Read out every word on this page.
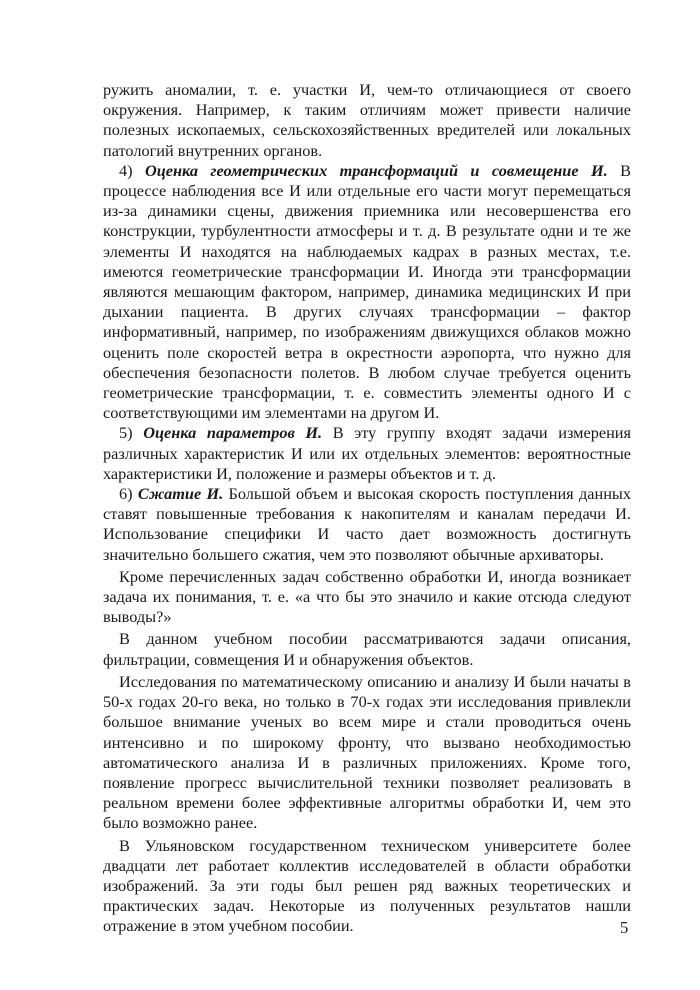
ружить аномалии, т. е. участки И, чем-то отличающиеся от своего окружения. Например, к таким отличиям может привести наличие полезных ископаемых, сельскохозяйственных вредителей или локальных патологий внутренних органов.

4) Оценка геометрических трансформаций и совмещение И. В процессе наблюдения все И или отдельные его части могут перемещаться из-за динамики сцены, движения приемника или несовершенства его конструкции, турбулентности атмосферы и т. д. В результате одни и те же элементы И находятся на наблюдаемых кадрах в разных местах, т.е. имеются геометрические трансформации И. Иногда эти трансформации являются мешающим фактором, например, динамика медицинских И при дыхании пациента. В других случаях трансформации – фактор информативный, например, по изображениям движущихся облаков можно оценить поле скоростей ветра в окрестности аэропорта, что нужно для обеспечения безопасности полетов. В любом случае требуется оценить геометрические трансформации, т. е. совместить элементы одного И с соответствующими им элементами на другом И.

5) Оценка параметров И. В эту группу входят задачи измерения различных характеристик И или их отдельных элементов: вероятностные характеристики И, положение и размеры объектов и т. д.

6) Сжатие И. Большой объем и высокая скорость поступления данных ставят повышенные требования к накопителям и каналам передачи И. Использование специфики И часто дает возможность достигнуть значительно большего сжатия, чем это позволяют обычные архиваторы.

Кроме перечисленных задач собственно обработки И, иногда возникает задача их понимания, т. е. «а что бы это значило и какие отсюда следуют выводы?»

В данном учебном пособии рассматриваются задачи описания, фильтрации, совмещения И и обнаружения объектов.

Исследования по математическому описанию и анализу И были начаты в 50-х годах 20-го века, но только в 70-х годах эти исследования привлекли большое внимание ученых во всем мире и стали проводиться очень интенсивно и по широкому фронту, что вызвано необходимостью автоматического анализа И в различных приложениях. Кроме того, появление прогресс вычислительной техники позволяет реализовать в реальном времени более эффективные алгоритмы обработки И, чем это было возможно ранее.

В Ульяновском государственном техническом университете более двадцати лет работает коллектив исследователей в области обработки изображений. За эти годы был решен ряд важных теоретических и практических задач. Некоторые из полученных результатов нашли отражение в этом учебном пособии.	5
